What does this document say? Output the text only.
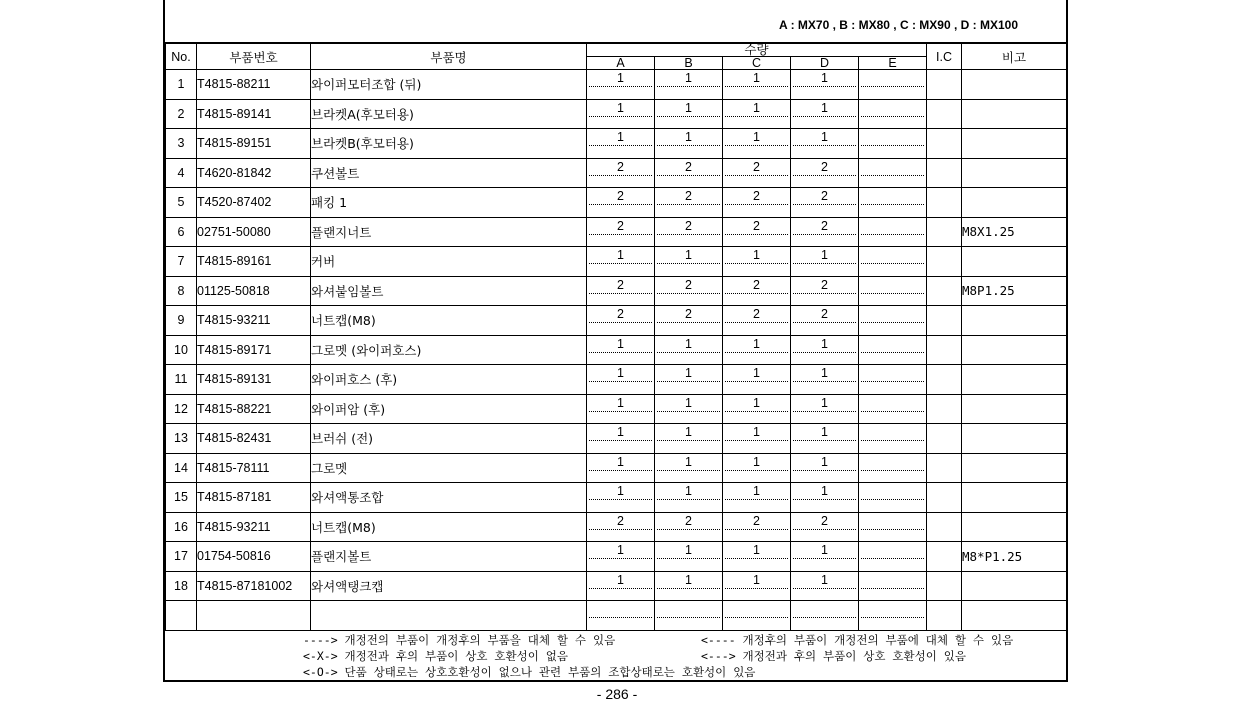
A : MX70 , B : MX80 , C : MX90 , D : MX100
No.	부품번호	부품명	수량					I.C	비고
			A	B	C	D	E		
1	T4815-88211	와이퍼모터조합 (뒤)	1	1	1	1			

2	T4815-89141	브라켓A(후모터용)	1	1	1	1			

3	T4815-89151	브라켓B(후모터용)	1	1	1	1			

4	T4620-81842	쿠션볼트	2	2	2	2			

5	T4520-87402	패킹 1	2	2	2	2			

6	02751-50080	플랜지너트	2	2	2	2			M8X1.25
7	T4815-89161	커버	1	1	1	1			

8	01125-50818	와셔붙임볼트	2	2	2	2			M8P1.25
9	T4815-93211	너트캡(M8)	2	2	2	2			

10	T4815-89171	그로멧 (와이퍼호스)	1	1	1	1			

11	T4815-89131	와이퍼호스 (후)	1	1	1	1			

12	T4815-88221	와이퍼암 (후)	1	1	1	1			

13	T4815-82431	브러쉬 (전)	1	1	1	1			

14	T4815-78111	그로멧	1	1	1	1			

15	T4815-87181	와셔액통조합	1	1	1	1			

16	T4815-93211	너트캡(M8)	2	2	2	2			

17	01754-50816	플랜지볼트	1	1	1	1			M8*P1.25
18	T4815-87181002	와셔액탱크캡	1	1	1	1			

----> 개정전의 부품이 개정후의 부품을 대체 할 수 있음	<---- 개정후의 부품이 개정전의 부품에 대체 할 수 있음
<-X-> 개정전과 후의 부품이 상호 호환성이 없음	<---> 개정전과 후의 부품이 상호 호환성이 있음
<-O-> 단품 상태로는 상호호환성이 없으나 관련 부품의 조합상태로는 호환성이 있음
- 286 -
